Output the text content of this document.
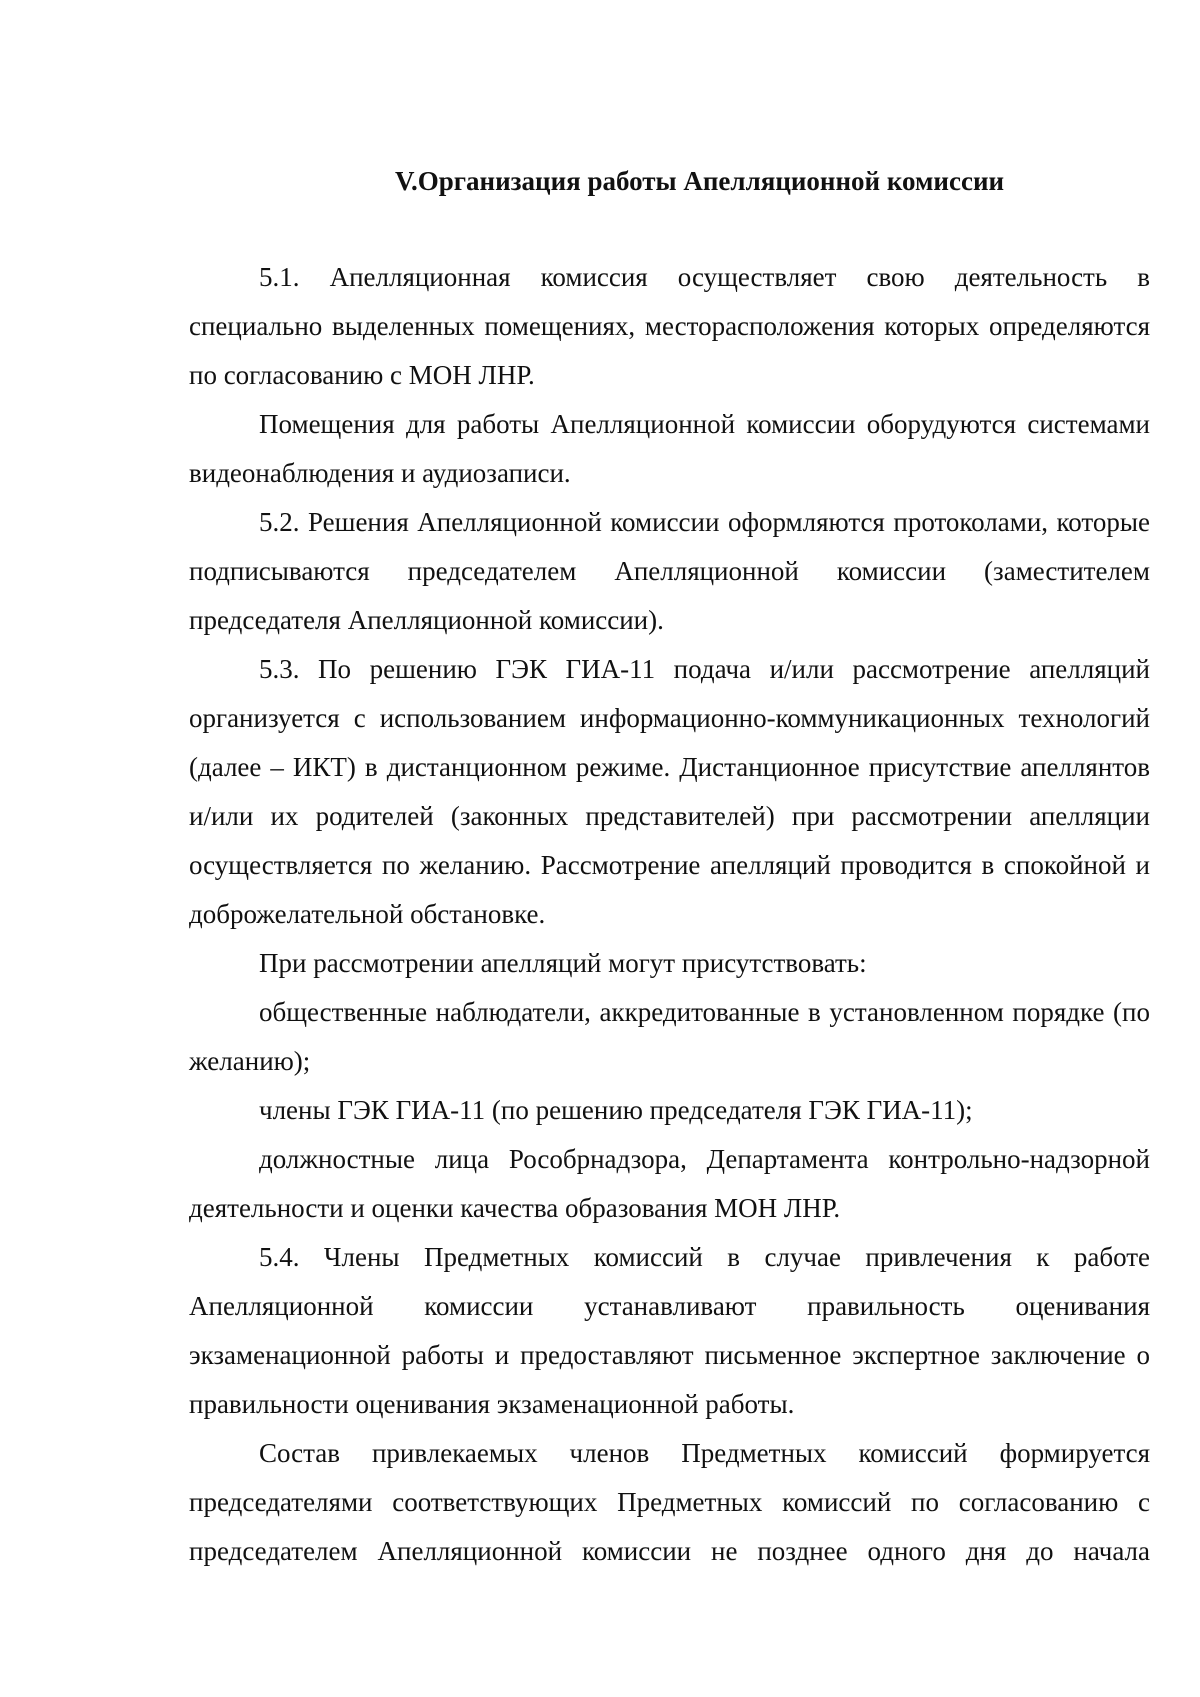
V.Организация работы Апелляционной комиссии

5.1. Апелляционная комиссия осуществляет свою деятельность в специально выделенных помещениях, месторасположения которых определяются по согласованию с МОН ЛНР.

Помещения для работы Апелляционной комиссии оборудуются системами видеонаблюдения и аудиозаписи.

5.2. Решения Апелляционной комиссии оформляются протоколами, которые подписываются председателем Апелляционной комиссии (заместителем председателя Апелляционной комиссии).

5.3. По решению ГЭК ГИА-11 подача и/или рассмотрение апелляций организуется с использованием информационно-коммуникационных технологий (далее – ИКТ) в дистанционном режиме. Дистанционное присутствие апеллянтов и/или их родителей (законных представителей) при рассмотрении апелляции осуществляется по желанию. Рассмотрение апелляций проводится в спокойной и доброжелательной обстановке.

При рассмотрении апелляций могут присутствовать:

общественные наблюдатели, аккредитованные в установленном порядке (по желанию);

члены ГЭК ГИА-11 (по решению председателя ГЭК ГИА-11);

должностные лица Рособрнадзора, Департамента контрольно-надзорной деятельности и оценки качества образования МОН ЛНР.

5.4. Члены Предметных комиссий в случае привлечения к работе Апелляционной комиссии устанавливают правильность оценивания экзаменационной работы и предоставляют письменное экспертное заключение о правильности оценивания экзаменационной работы.

Состав привлекаемых членов Предметных комиссий формируется председателями соответствующих Предметных комиссий по согласованию с председателем Апелляционной комиссии не позднее одного дня до начала
